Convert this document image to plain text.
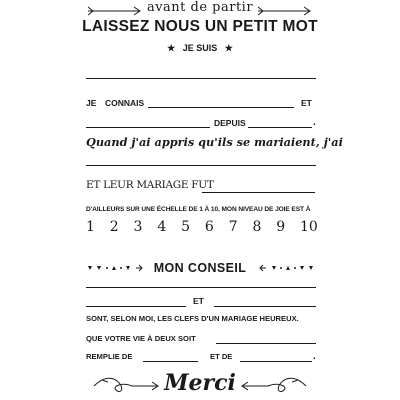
avant de partir
LAISSEZ NOUS UN PETIT MOT
★ JE SUIS ★
JE CONNAIS	ET
DEPUIS	.
Quand j'ai appris qu'ils se mariaient, j'ai
ET LEUR MARIAGE FUT
D'AILLEURS SUR UNE ÉCHELLE DE 1 À 10, MON NIVEAU DE JOIE EST À
1 2 3 4 5 6 7 8 9 10
MON CONSEIL
ET
SONT, SELON MOI, LES CLEFS D'UN MARIAGE HEUREUX.
QUE VOTRE VIE À DEUX SOIT
REMPLIE DE	ET DE	.
Merci
